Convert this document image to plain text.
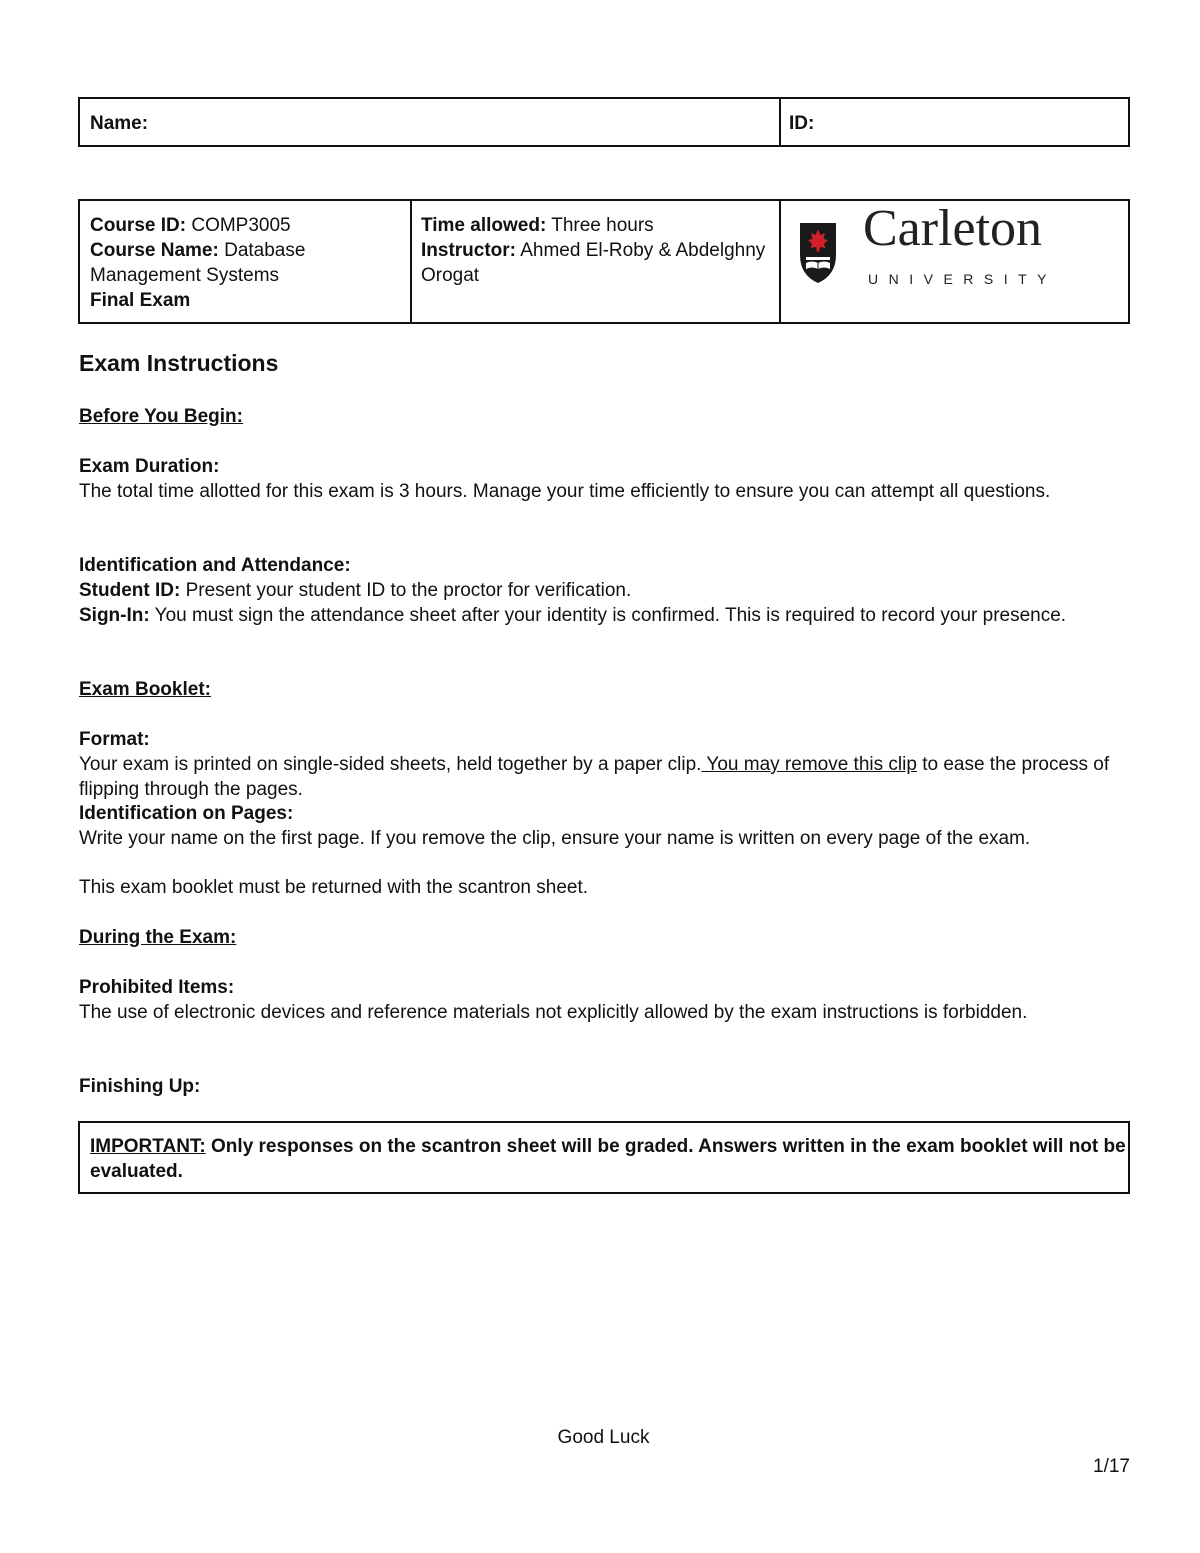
Name:	ID:
Course ID: COMP3005
Course Name: Database Management Systems
Final Exam
Time allowed: Three hours
Instructor: Ahmed El-Roby & Abdelghny Orogat
Carleton
UNIVERSITY
Exam Instructions
Before You Begin:
Exam Duration:
The total time allotted for this exam is 3 hours. Manage your time efficiently to ensure you can attempt all questions.
Identification and Attendance:
Student ID: Present your student ID to the proctor for verification.
Sign-In: You must sign the attendance sheet after your identity is confirmed. This is required to record your presence.
Exam Booklet:
Format:
Your exam is printed on single-sided sheets, held together by a paper clip. You may remove this clip to ease the process of flipping through the pages.
Identification on Pages:
Write your name on the first page. If you remove the clip, ensure your name is written on every page of the exam.
This exam booklet must be returned with the scantron sheet.
During the Exam:
Prohibited Items:
The use of electronic devices and reference materials not explicitly allowed by the exam instructions is forbidden.
Finishing Up:
IMPORTANT: Only responses on the scantron sheet will be graded. Answers written in the exam booklet will not be evaluated.
Good Luck
1/17
